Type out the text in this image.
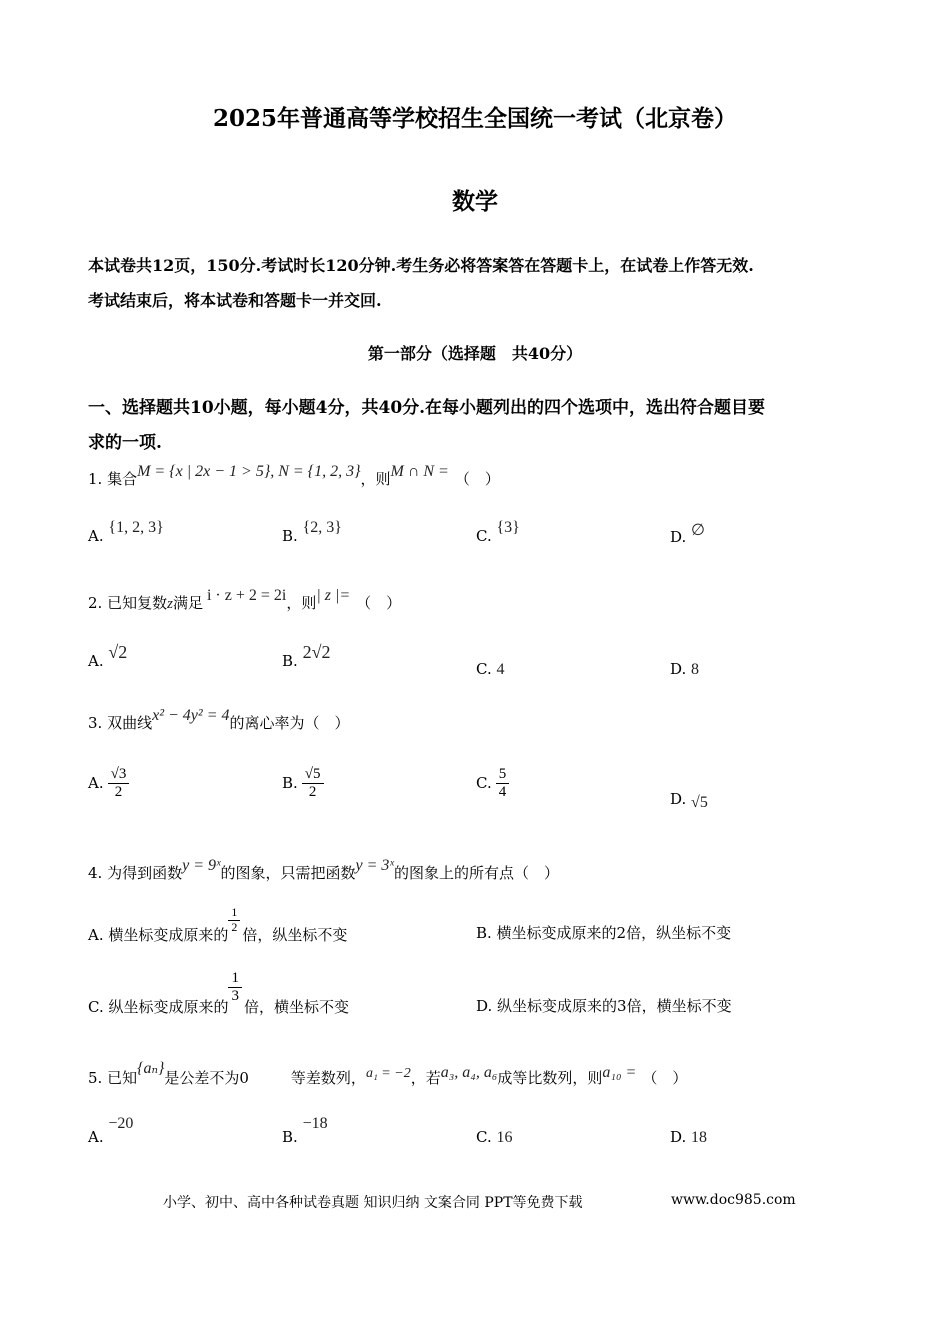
2025年普通高等学校招生全国统一考试（北京卷）
数学
本试卷共12页，150分.考试时长120分钟.考生务必将答案答在答题卡上，在试卷上作答无效.
考试结束后，将本试卷和答题卡一并交回.
第一部分（选择题　共40分）
一、选择题共10小题，每小题4分，共40分.在每小题列出的四个选项中，选出符合题目要
求的一项.
1. 集合M = {x | 2x − 1 > 5}, N = {1, 2, 3}，则M ∩ N = （　）
A. {1, 2, 3}	B. {2, 3}	C. {3}
D. ∅
2. 已知复数z满足 i · z + 2 = 2i，则| z |= （　）
A. √2	B. 2√2
C. 4	D. 8
3. 双曲线x² − 4y² = 4的离心率为（　）
A. $\frac{√3}{2}$	B. $\frac{√5}{2}$	C. $\frac{5}{4}$	D. √5
4. 为得到函数y = 9ˣ的图象，只需把函数y = 3ˣ的图象上的所有点（　）
A. 横坐标变成原来的
$\frac{1}{2}$
倍，纵坐标不变	B. 横坐标变成原来的2倍，纵坐标不变
C. 纵坐标变成原来的
$\frac{1}{3}$
倍，横坐标不变	D. 纵坐标变成原来的3倍，横坐标不变
5. 已知{aₙ}是公差不为0	等差数列，a₁ = −2，若a₃, a₄, a₆成等比数列，则a₁₀ = （　）
A. −20
B. −18
C. 16	D. 18
小学、初中、高中各种试卷真题 知识归纳 文案合同 PPT等免费下载	www.doc985.com
